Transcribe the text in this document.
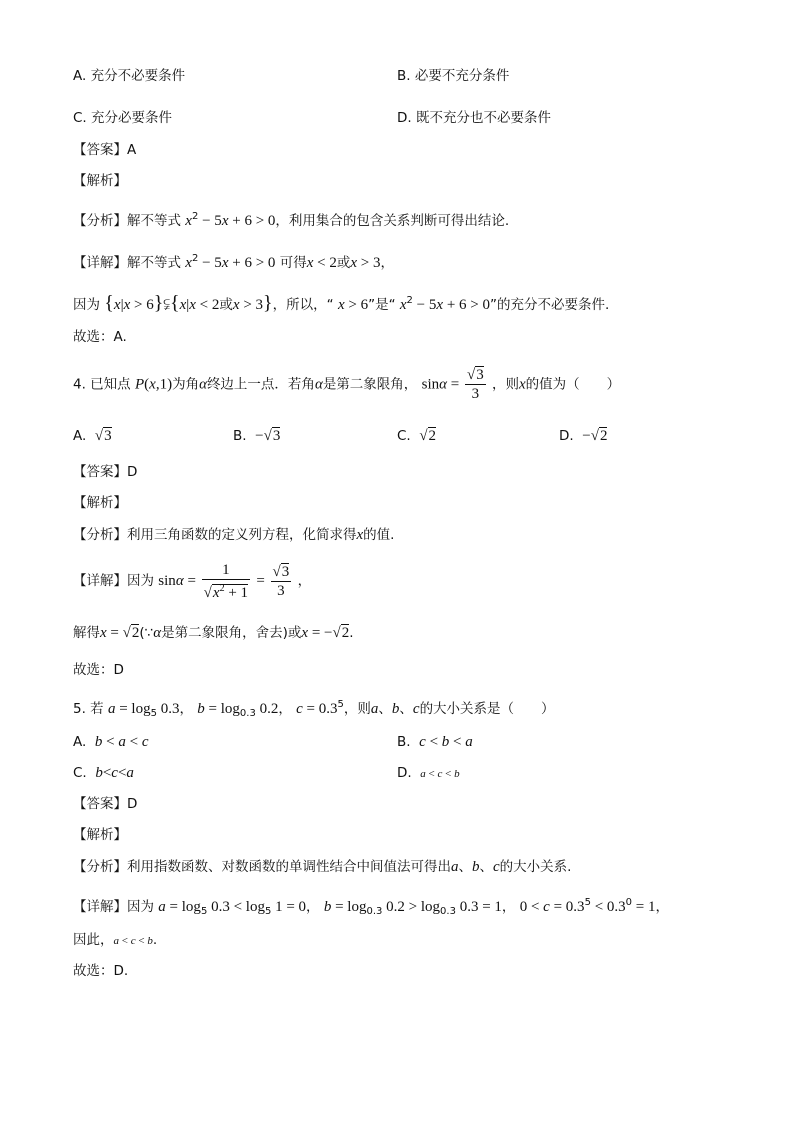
A. 充分不必要条件	B. 必要不充分条件
C. 充分必要条件	D. 既不充分也不必要条件
【答案】A
【解析】
【分析】解不等式 $x^2 - 5x + 6 > 0$，利用集合的包含关系判断可得出结论.
【详解】解不等式 $x^2 - 5x + 6 > 0$ 可得x < 2或x > 3，
因为 {x|x > 6}⫋{x|x < 2或x > 3}，所以，“ x > 6”是“ $x^2 - 5x + 6 > 0$”的充分不必要条件.
故选：A.
4. 已知点 P(x,1)为角α终边上一点．若角α是第二象限角， $\sin\alpha = \frac{√3}{3}$ ，则x的值为（　　）
A. √3	B. −√3	C. √2	D. −√2
【答案】D
【解析】
【分析】利用三角函数的定义列方程，化简求得x的值.
【详解】因为 $\sin\alpha = \frac{1}{√x^2 + 1} = \frac{√3}{3}$ ，
解得x = √2(∵α是第二象限角，舍去)或x = −√2.
故选：D
5. 若 $a = \log_5 0.3$， $b = \log_{0.3} 0.2$， $c = 0.3^5$，则a、b、c的大小关系是（　　）
A. b < a < c	B. c < b < a
C. b<c<a	D. a < c < b
【答案】D
【解析】
【分析】利用指数函数、对数函数的单调性结合中间值法可得出a、b、c的大小关系.
【详解】因为 $a = \log_5 0.3 < \log_5 1 = 0$， $b = \log_{0.3} 0.2 > \log_{0.3} 0.3 = 1$， $0 < c = 0.3^5 < 0.3^0 = 1$，
因此，a < c < b.
故选：D.
